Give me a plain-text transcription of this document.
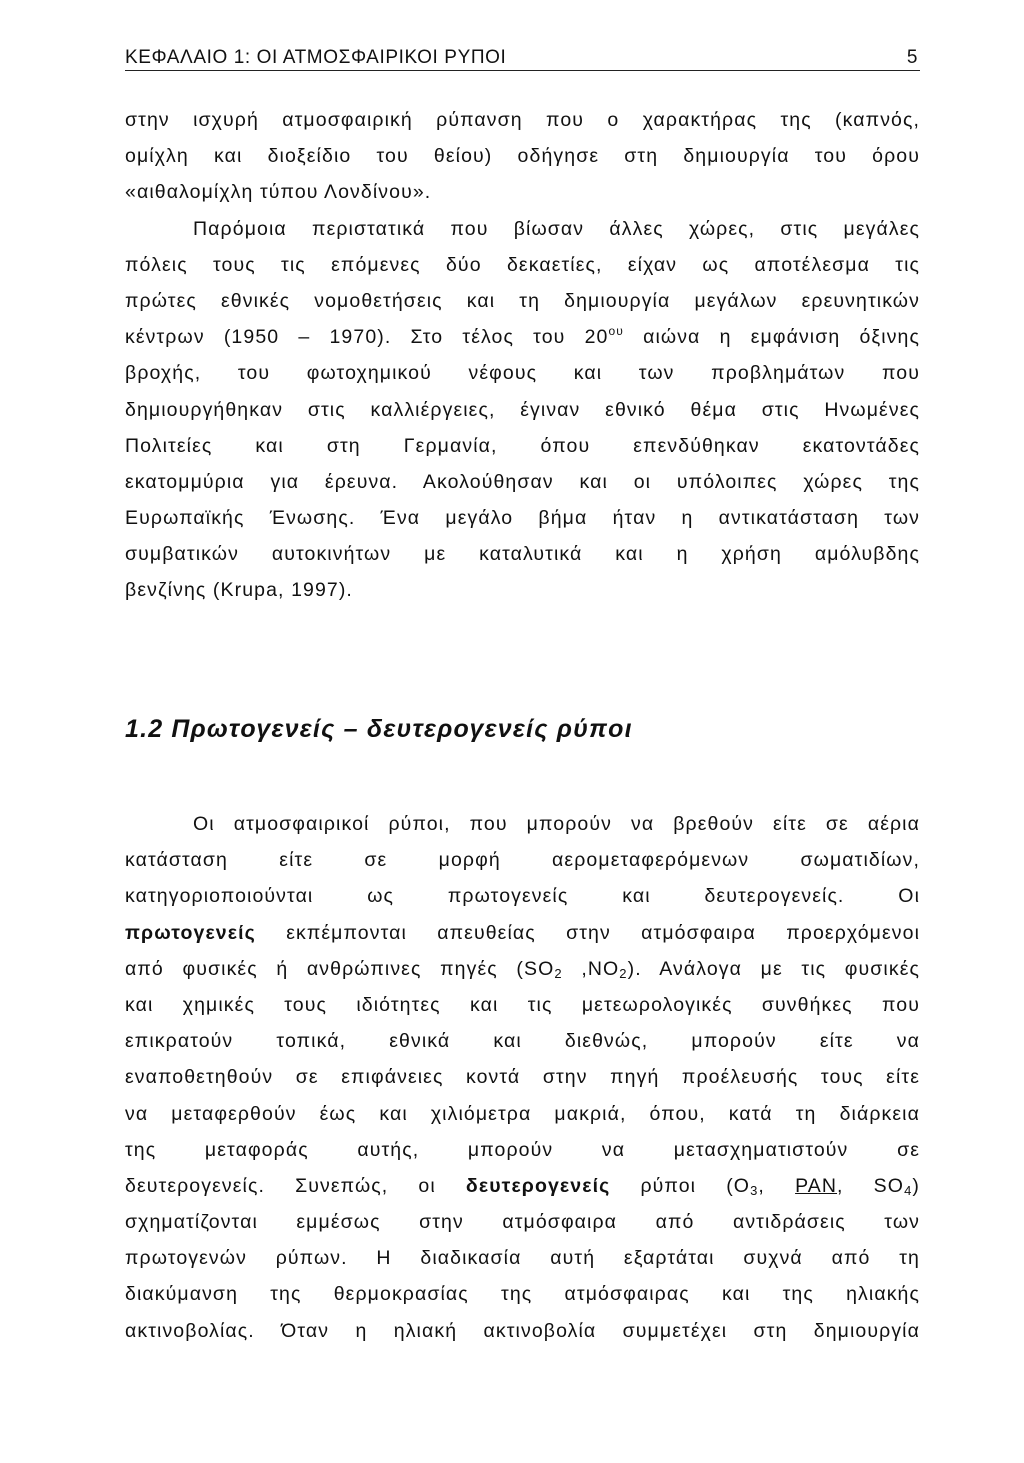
ΚΕΦΑΛΑΙΟ 1: ΟΙ ΑΤΜΟΣΦΑΙΡΙΚΟΙ ΡΥΠΟΙ	5
στην ισχυρή ατμοσφαιρική ρύπανση που ο χαρακτήρας της (καπνός,
ομίχλη και διοξείδιο του θείου) οδήγησε στη δημιουργία του όρου
«αιθαλομίχλη τύπου Λονδίνου».
Παρόμοια περιστατικά που βίωσαν άλλες χώρες, στις μεγάλες
πόλεις τους τις επόμενες δύο δεκαετίες, είχαν ως αποτέλεσμα τις
πρώτες εθνικές νομοθετήσεις και τη δημιουργία μεγάλων ερευνητικών
κέντρων (1950 – 1970). Στο τέλος του $20^{o\upsilon}$ αιώνα η εμφάνιση όξινης
βροχής, του φωτοχημικού νέφους και των προβλημάτων που
δημιουργήθηκαν στις καλλιέργειες, έγιναν εθνικό θέμα στις Ηνωμένες
Πολιτείες και στη Γερμανία, όπου επενδύθηκαν εκατοντάδες
εκατομμύρια για έρευνα. Ακολούθησαν και οι υπόλοιπες χώρες της
Ευρωπαϊκής Ένωσης. Ένα μεγάλο βήμα ήταν η αντικατάσταση των
συμβατικών αυτοκινήτων με καταλυτικά και η χρήση αμόλυβδης
βενζίνης (Krupa, 1997).
1.2 Πρωτογενείς – δευτερογενείς ρύποι
Οι ατμοσφαιρικοί ρύποι, που μπορούν να βρεθούν είτε σε αέρια
κατάσταση είτε σε μορφή αερομεταφερόμενων σωματιδίων,
κατηγοριοποιούνται ως πρωτογενείς και δευτερογενείς. Οι
πρωτογενείς εκπέμπονται απευθείας στην ατμόσφαιρα προερχόμενοι
από φυσικές ή ανθρώπινες πηγές ($SO_2$ $,NO_2$). Ανάλογα με τις φυσικές
και χημικές τους ιδιότητες και τις μετεωρολογικές συνθήκες που
επικρατούν τοπικά, εθνικά και διεθνώς, μπορούν είτε να
εναποθετηθούν σε επιφάνειες κοντά στην πηγή προέλευσής τους είτε
να μεταφερθούν έως και χιλιόμετρα μακριά, όπου, κατά τη διάρκεια
της μεταφοράς αυτής, μπορούν να μετασχηματιστούν σε
δευτερογενείς. Συνεπώς, οι δευτερογενείς ρύποι ($O_3$, PAN, $SO_4$)
σχηματίζονται εμμέσως στην ατμόσφαιρα από αντιδράσεις των
πρωτογενών ρύπων. Η διαδικασία αυτή εξαρτάται συχνά από τη
διακύμανση της θερμοκρασίας της ατμόσφαιρας και της ηλιακής
ακτινοβολίας. Όταν η ηλιακή ακτινοβολία συμμετέχει στη δημιουργία
